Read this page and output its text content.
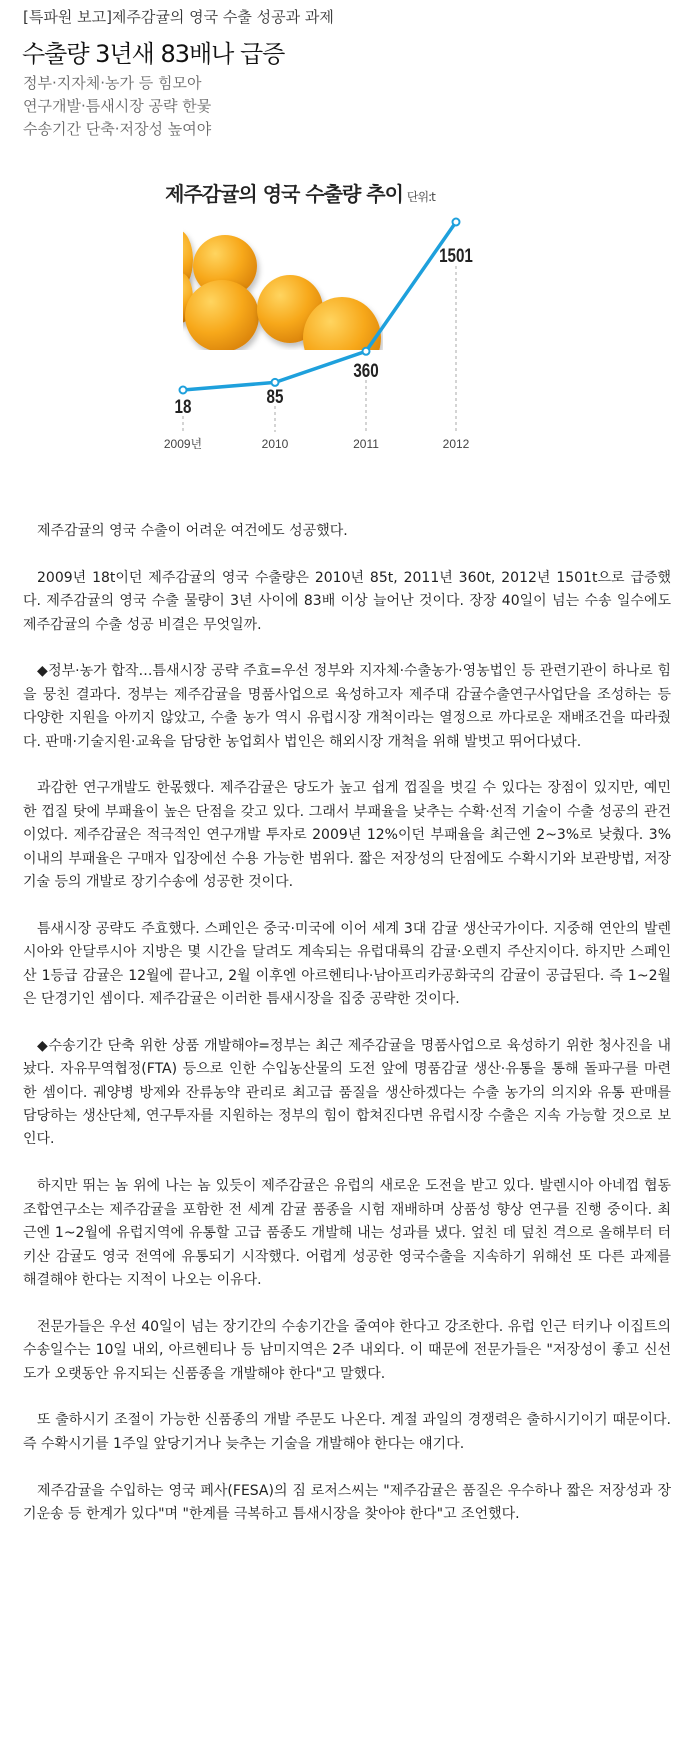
[특파원 보고]제주감귤의 영국 수출 성공과 과제
수출량 3년새 83배나 급증
정부·지자체·농가 등 힘모아
연구개발·틈새시장 공략 한뭋
수송기간 단축·저장성 높여야
제주감귤의 영국 수출량 추이 단위:t
18
2009년
85
2010
360
2011
1501
2012

제주감귤의 영국 수출이 어려운 여건에도 성공했다.

2009년 18t이던 제주감귤의 영국 수출량은 2010년 85t, 2011년 360t, 2012년 1501t으로 급증했다. 제주감귤의 영국 수출 물량이 3년 사이에 83배 이상 늘어난 것이다. 장장 40일이 넘는 수송 일수에도 제주감귤의 수출 성공 비결은 무엇일까.

◆정부·농가 합작…틈새시장 공략 주효=우선 정부와 지자체·수출농가·영농법인 등 관련기관이 하나로 힘을 뭉친 결과다. 정부는 제주감귤을 명품사업으로 육성하고자 제주대 감귤수출연구사업단을 조성하는 등 다양한 지원을 아끼지 않았고, 수출 농가 역시 유럽시장 개척이라는 열정으로 까다로운 재배조건을 따라줬다. 판매·기술지원·교육을 담당한 농업회사 법인은 해외시장 개척을 위해 발벗고 뛰어다녔다.

과감한 연구개발도 한몫했다. 제주감귤은 당도가 높고 쉽게 껍질을 벗길 수 있다는 장점이 있지만, 예민한 껍질 탓에 부패율이 높은 단점을 갖고 있다. 그래서 부패율을 낮추는 수확·선적 기술이 수출 성공의 관건이었다. 제주감귤은 적극적인 연구개발 투자로 2009년 12%이던 부패율을 최근엔 2~3%로 낮췄다. 3% 이내의 부패율은 구매자 입장에선 수용 가능한 범위다. 짧은 저장성의 단점에도 수확시기와 보관방법, 저장기술 등의 개발로 장기수송에 성공한 것이다.

틈새시장 공략도 주효했다. 스페인은 중국·미국에 이어 세계 3대 감귤 생산국가이다. 지중해 연안의 발렌시아와 안달루시아 지방은 몇 시간을 달려도 계속되는 유럽대륙의 감귤·오렌지 주산지이다. 하지만 스페인산 1등급 감귤은 12월에 끝나고, 2월 이후엔 아르헨티나·남아프리카공화국의 감귤이 공급된다. 즉 1~2월은 단경기인 셈이다. 제주감귤은 이러한 틈새시장을 집중 공략한 것이다.

◆수송기간 단축 위한 상품 개발해야=정부는 최근 제주감귤을 명품사업으로 육성하기 위한 청사진을 내놨다. 자유무역협정(FTA) 등으로 인한 수입농산물의 도전 앞에 명품감귤 생산·유통을 통해 돌파구를 마련한 셈이다. 궤양병 방제와 잔류농약 관리로 최고급 품질을 생산하겠다는 수출 농가의 의지와 유통 판매를 담당하는 생산단체, 연구투자를 지원하는 정부의 힘이 합쳐진다면 유럽시장 수출은 지속 가능할 것으로 보인다.

하지만 뛰는 놈 위에 나는 놈 있듯이 제주감귤은 유럽의 새로운 도전을 받고 있다. 발렌시아 아네껍 협동조합연구소는 제주감귤을 포함한 전 세계 감귤 품종을 시험 재배하며 상품성 향상 연구를 진행 중이다. 최근엔 1~2월에 유럽지역에 유통할 고급 품종도 개발해 내는 성과를 냈다. 엎친 데 덮친 격으로 올해부터 터키산 감귤도 영국 전역에 유통되기 시작했다. 어렵게 성공한 영국수출을 지속하기 위해선 또 다른 과제를 해결해야 한다는 지적이 나오는 이유다.

전문가들은 우선 40일이 넘는 장기간의 수송기간을 줄여야 한다고 강조한다. 유럽 인근 터키나 이집트의 수송일수는 10일 내외, 아르헨티나 등 남미지역은 2주 내외다. 이 때문에 전문가들은 "저장성이 좋고 신선도가 오랫동안 유지되는 신품종을 개발해야 한다"고 말했다.

또 출하시기 조절이 가능한 신품종의 개발 주문도 나온다. 계절 과일의 경쟁력은 출하시기이기 때문이다. 즉 수확시기를 1주일 앞당기거나 늦추는 기술을 개발해야 한다는 얘기다.

제주감귤을 수입하는 영국 페사(FESA)의 짐 로저스씨는 "제주감귤은 품질은 우수하나 짧은 저장성과 장기운송 등 한계가 있다"며 "한계를 극복하고 틈새시장을 찾아야 한다"고 조언했다.
